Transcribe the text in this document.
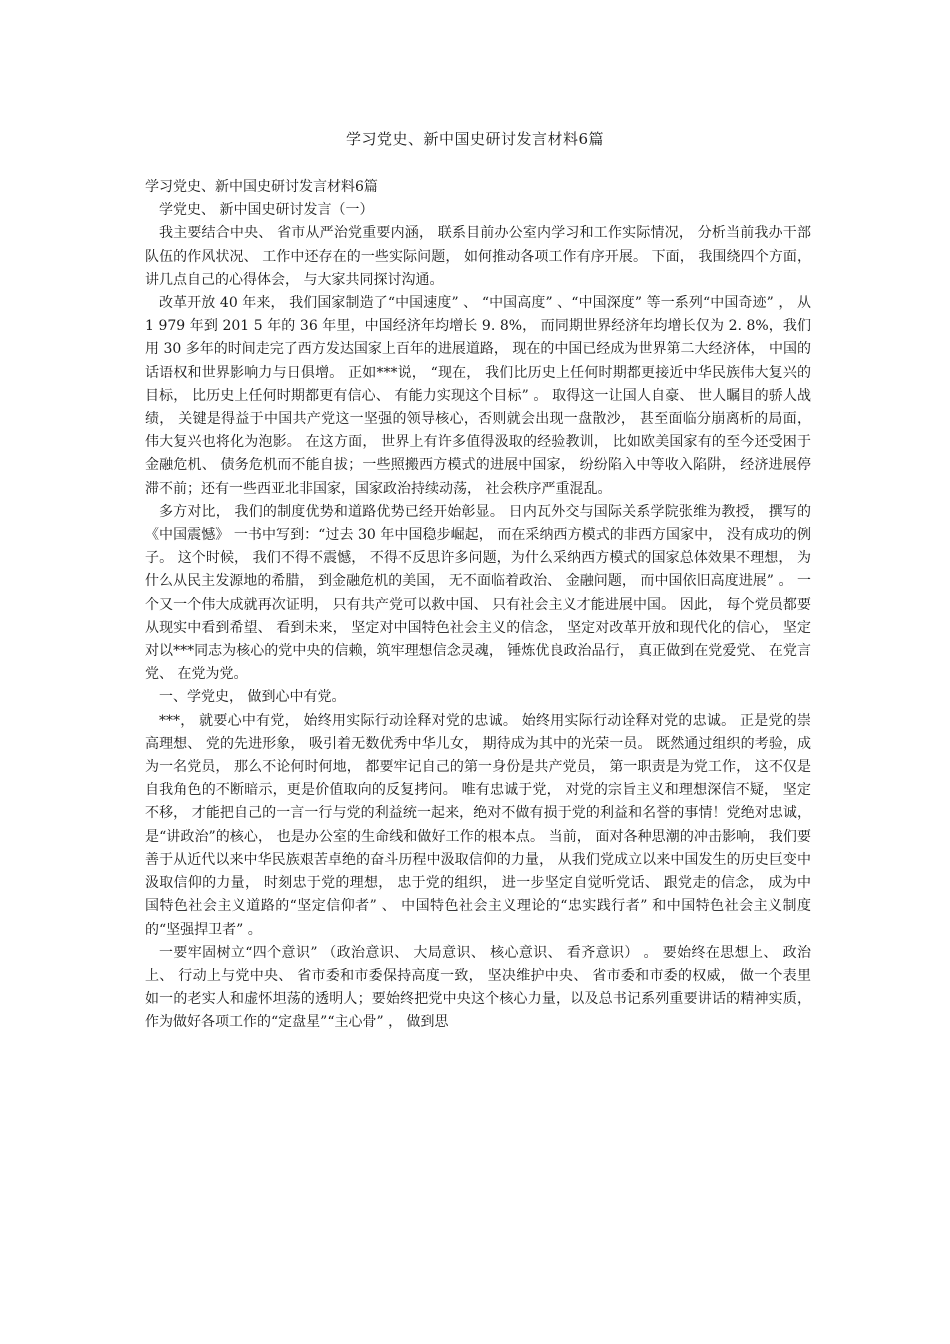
学习党史、新中国史研讨发言材料6篇

学习党史、新中国史研讨发言材料6篇

学党史、 新中国史研讨发言（一）

我主要结合中央、 省市从严治党重要内涵， 联系目前办公室内学习和工作实际情况， 分析当前我办干部队伍的作风状况、 工作中还存在的一些实际问题， 如何推动各项工作有序开展。 下面， 我围绕四个方面， 讲几点自己的心得体会， 与大家共同探讨沟通。

改革开放 40 年来， 我们国家制造了“中国速度” 、 “中国高度” 、“中国深度” 等一系列“中国奇迹” ， 从 1 979 年到 201 5 年的 36 年里，中国经济年均增长 9. 8%， 而同期世界经济年均增长仅为 2. 8%，我们用 30 多年的时间走完了西方发达国家上百年的进展道路， 现在的中国已经成为世界第二大经济体， 中国的话语权和世界影响力与日俱增。 正如***说， “现在， 我们比历史上任何时期都更接近中华民族伟大复兴的目标， 比历史上任何时期都更有信心、 有能力实现这个目标” 。 取得这一让国人自豪、 世人瞩目的骄人战绩， 关键是得益于中国共产党这一坚强的领导核心，否则就会出现一盘散沙， 甚至面临分崩离析的局面， 伟大复兴也将化为泡影。 在这方面， 世界上有许多值得汲取的经验教训， 比如欧美国家有的至今还受困于金融危机、 债务危机而不能自拔；一些照搬西方模式的进展中国家， 纷纷陷入中等收入陷阱， 经济进展停滞不前；还有一些西亚北非国家，国家政治持续动荡， 社会秩序严重混乱。

多方对比， 我们的制度优势和道路优势已经开始彰显。 日内瓦外交与国际关系学院张维为教授， 撰写的《中国震憾》 一书中写到：“过去 30 年中国稳步崛起， 而在采纳西方模式的非西方国家中， 没有成功的例子。 这个时候， 我们不得不震憾， 不得不反思许多问题，为什么采纳西方模式的国家总体效果不理想， 为什么从民主发源地的希腊， 到金融危机的美国， 无不面临着政治、 金融问题， 而中国依旧高度进展” 。 一个又一个伟大成就再次证明， 只有共产党可以救中国、 只有社会主义才能进展中国。 因此， 每个党员都要从现实中看到希望、 看到未来， 坚定对中国特色社会主义的信念， 坚定对改革开放和现代化的信心， 坚定对以***同志为核心的党中央的信赖，筑牢理想信念灵魂， 锤炼优良政治品行， 真正做到在党爱党、 在党言党、 在党为党。

一、学党史， 做到心中有党。

***， 就要心中有党， 始终用实际行动诠释对党的忠诚。 始终用实际行动诠释对党的忠诚。 正是党的崇高理想、 党的先进形象， 吸引着无数优秀中华儿女， 期待成为其中的光荣一员。 既然通过组织的考验，成为一名党员， 那么不论何时何地， 都要牢记自己的第一身份是共产党员， 第一职责是为党工作， 这不仅是自我角色的不断暗示，更是价值取向的反复拷问。 唯有忠诚于党， 对党的宗旨主义和理想深信不疑， 坚定不移， 才能把自己的一言一行与党的利益统一起来，绝对不做有损于党的利益和名誉的事情！党绝对忠诚， 是“讲政治”的核心， 也是办公室的生命线和做好工作的根本点。 当前， 面对各种思潮的冲击影响， 我们要善于从近代以来中华民族艰苦卓绝的奋斗历程中汲取信仰的力量， 从我们党成立以来中国发生的历史巨变中汲取信仰的力量， 时刻忠于党的理想， 忠于党的组织， 进一步坚定自觉听党话、 跟党走的信念， 成为中国特色社会主义道路的“坚定信仰者” 、 中国特色社会主义理论的“忠实践行者” 和中国特色社会主义制度的“坚强捍卫者” 。

一要牢固树立“四个意识” （政治意识、 大局意识、 核心意识、 看齐意识） 。 要始终在思想上、 政治上、 行动上与党中央、 省市委和市委保持高度一致， 坚决维护中央、 省市委和市委的权威， 做一个表里如一的老实人和虚怀坦荡的透明人；要始终把党中央这个核心力量，以及总书记系列重要讲话的精神实质， 作为做好各项工作的“定盘星”“主心骨” ， 做到思
